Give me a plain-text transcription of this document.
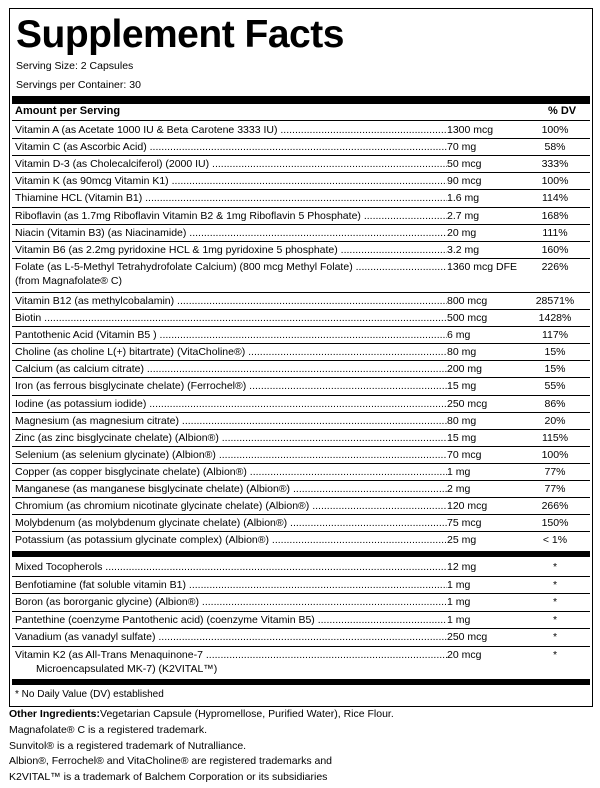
Supplement Facts
Serving Size: 2 Capsules
Servings per Container: 30
Amount per Serving	% DV
Vitamin A (as Acetate 1000 IU & Beta Carotene 3333 IU) .....	1300 mcg	100%
Vitamin C (as Ascorbic Acid) .....	70 mg	58%
Vitamin D-3 (as Cholecalciferol) (2000 IU) .....	50 mcg	333%
Vitamin K (as 90mcg Vitamin K1) .....	90 mcg	100%
Thiamine HCL (Vitamin B1) .....	1.6 mg	114%
Riboflavin (as 1.7mg Riboflavin Vitamin B2 & 1mg Riboflavin 5 Phosphate) .....	2.7 mg	168%
Niacin (Vitamin B3) (as Niacinamide) .....	20 mg	111%
Vitamin B6 (as 2.2mg pyridoxine HCL & 1mg pyridoxine 5 phosphate) .....	3.2 mg	160%
Folate (as L-5-Methyl Tetrahydrofolate Calcium) (800 mcg Methyl Folate) .....	1360 mcg DFE	226%
(from Magnafolate® C)
Vitamin B12 (as methylcobalamin) .....	800 mcg	28571%
Biotin .....	500 mcg	1428%
Pantothenic Acid (Vitamin B5 ) .....	6 mg	117%
Choline (as choline L(+) bitartrate) (VitaCholine®) .....	80 mg	15%
Calcium (as calcium citrate) .....	200 mg	15%
Iron (as ferrous bisglycinate chelate) (Ferrochel®) .....	15 mg	55%
Iodine (as potassium iodide) .....	250 mcg	86%
Magnesium (as magnesium citrate) .....	80 mg	20%
Zinc (as zinc bisglycinate chelate) (Albion®) .....	15 mg	115%
Selenium (as selenium glycinate) (Albion®) .....	70 mcg	100%
Copper (as copper bisglycinate chelate) (Albion®) .....	1 mg	77%
Manganese (as manganese bisglycinate chelate) (Albion®) .....	2 mg	77%
Chromium (as chromium nicotinate glycinate chelate) (Albion®) .....	120 mcg	266%
Molybdenum (as molybdenum glycinate chelate) (Albion®) .....	75 mcg	150%
Potassium (as potassium glycinate complex) (Albion®) .....	25 mg	< 1%
Mixed Tocopherols .....	12 mg	*
Benfotiamine (fat soluble vitamin B1) .....	1 mg	*
Boron (as bororganic glycine) (Albion®) .....	1 mg	*
Pantethine (coenzyme Pantothenic acid) (coenzyme Vitamin B5) .....	1 mg	*
Vanadium (as vanadyl sulfate) .....	250 mcg	*
Vitamin K2 (as All-Trans Menaquinone-7 .....	20 mcg	*
Microencapsulated MK-7) (K2VITAL™)
* No Daily Value (DV) established
Other Ingredients:Vegetarian Capsule (Hypromellose, Purified Water), Rice Flour.
Magnafolate® C is a registered trademark.
Sunvitol® is a registered trademark of Nutralliance.
Albion®, Ferrochel® and VitaCholine® are registered trademarks and
K2VITAL™ is a trademark of Balchem Corporation or its subsidiaries
